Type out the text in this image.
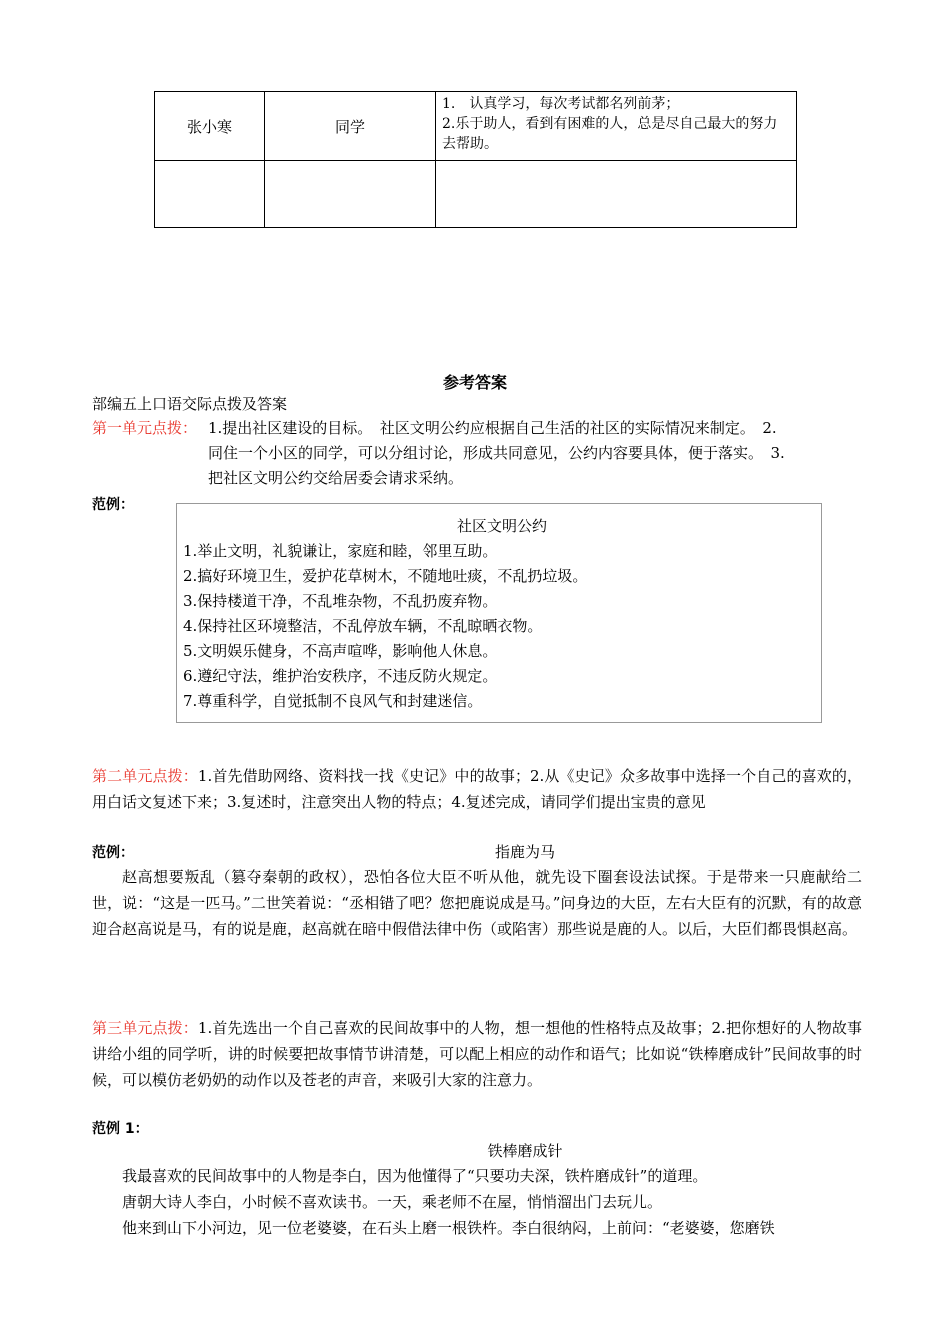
张小寒	同学	1.　认真学习，每次考试都名列前茅；
2.乐于助人，看到有困难的人，总是尽自己最大的努力去帮助。

参考答案
部编五上口语交际点拨及答案
第一单元点拨： 1.提出社区建设的目标。　社区文明公约应根据自己生活的社区的实际情况来制定。　2.
同住一个小区的同学，可以分组讨论，形成共同意见，公约内容要具体，便于落实。　3.
把社区文明公约交给居委会请求采纳。
范例：
社区文明公约
1.举止文明，礼貌谦让，家庭和睦，邻里互助。
2.搞好环境卫生，爱护花草树木，不随地吐痰，不乱扔垃圾。
3.保持楼道干净，不乱堆杂物，不乱扔废弃物。
4.保持社区环境整洁，不乱停放车辆，不乱晾晒衣物。
5.文明娱乐健身，不高声喧哗，影响他人休息。
6.遵纪守法，维护治安秩序，不违反防火规定。
7.尊重科学，自觉抵制不良风气和封建迷信。
第二单元点拨：1.首先借助网络、资料找一找《史记》中的故事；2.从《史记》众多故事中选择一个自己的喜欢的，用白话文复述下来；3.复述时，注意突出人物的特点；4.复述完成，请同学们提出宝贵的意见
范例：	指鹿为马
赵高想要叛乱（篡夺秦朝的政权），恐怕各位大臣不听从他，就先设下圈套设法试探。于是带来一只鹿献给二世，说：“这是一匹马。”二世笑着说：“丞相错了吧？您把鹿说成是马。”问身边的大臣，左右大臣有的沉默，有的故意迎合赵高说是马，有的说是鹿，赵高就在暗中假借法律中伤（或陷害）那些说是鹿的人。以后，大臣们都畏惧赵高。
第三单元点拨：1.首先选出一个自己喜欢的民间故事中的人物，想一想他的性格特点及故事；2.把你想好的人物故事讲给小组的同学听，讲的时候要把故事情节讲清楚，可以配上相应的动作和语气；比如说“铁棒磨成针”民间故事的时候，可以模仿老奶奶的动作以及苍老的声音，来吸引大家的注意力。
范例 1：
铁棒磨成针
我最喜欢的民间故事中的人物是李白，因为他懂得了“只要功夫深，铁杵磨成针”的道理。
唐朝大诗人李白，小时候不喜欢读书。一天，乘老师不在屋，悄悄溜出门去玩儿。
他来到山下小河边，见一位老婆婆，在石头上磨一根铁杵。李白很纳闷，上前问：“老婆婆，您磨铁
